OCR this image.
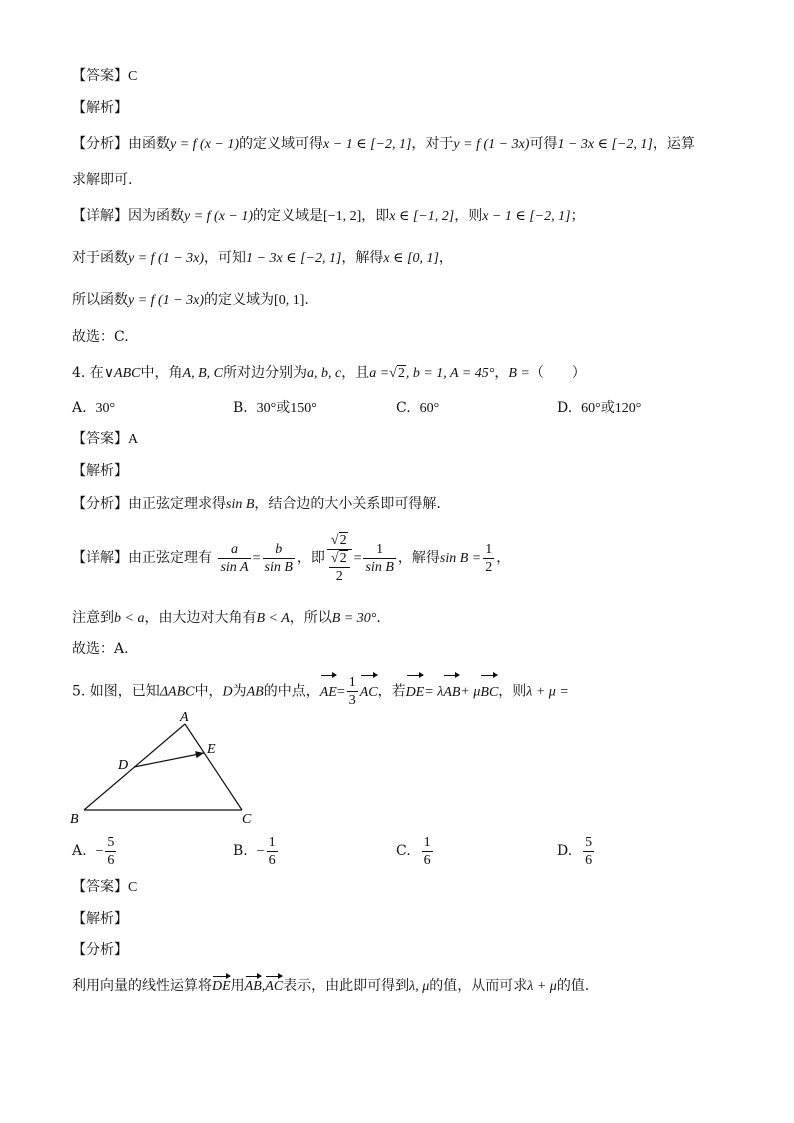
【答案】C
【解析】
【分析】由函数y = f (x − 1)的定义域可得x − 1 ∈ [−2, 1]，对于y = f (1 − 3x)可得1 − 3x ∈ [−2, 1]，运算
求解即可.
【详解】因为函数y = f (x − 1)的定义域是[−1, 2]，即x ∈ [−1, 2]，则x − 1 ∈ [−2, 1]；
对于函数y = f (1 − 3x)，可知1 − 3x ∈ [−2, 1]，解得x ∈ [0, 1]，
所以函数y = f (1 − 3x)的定义域为[0, 1].
故选：C.
4. 在∨ABC中，角A, B, C所对边分别为a, b, c，且a =√2, b = 1, A = 45°，B =（　　）
A. 30°	B. 30°或150°	C. 60°	D. 60°或120°
【答案】A
【解析】
【分析】由正弦定理求得sin B，结合边的大小关系即可得解.
【详解】由正弦定理有 $\frac{a}{\text{sin A}} = \frac{b}{\text{sin B}}$ ，即 $\frac{√2}{\frac{√2}{2}} = \frac{1}{\text{sin B}}$ ，解得$\sin B = \frac{1}{2}$ ，
注意到b < a，由大边对大角有B < A，所以B = 30°.
故选：A.
5. 如图，已知ΔABC中，D为AB的中点，$AE= \frac{1}{3}$ AC，若DE= λAB+ μBC，则λ + μ =
A
B	C
D
E
A. − $\frac{5}{6}$	B. − $\frac{1}{6}$	C. $\frac{1}{6}$	D. $\frac{5}{6}$
【答案】C
【解析】
【分析】
利用向量的线性运算将DE用AB,AC表示，由此即可得到λ, μ的值，从而可求λ + μ的值.
